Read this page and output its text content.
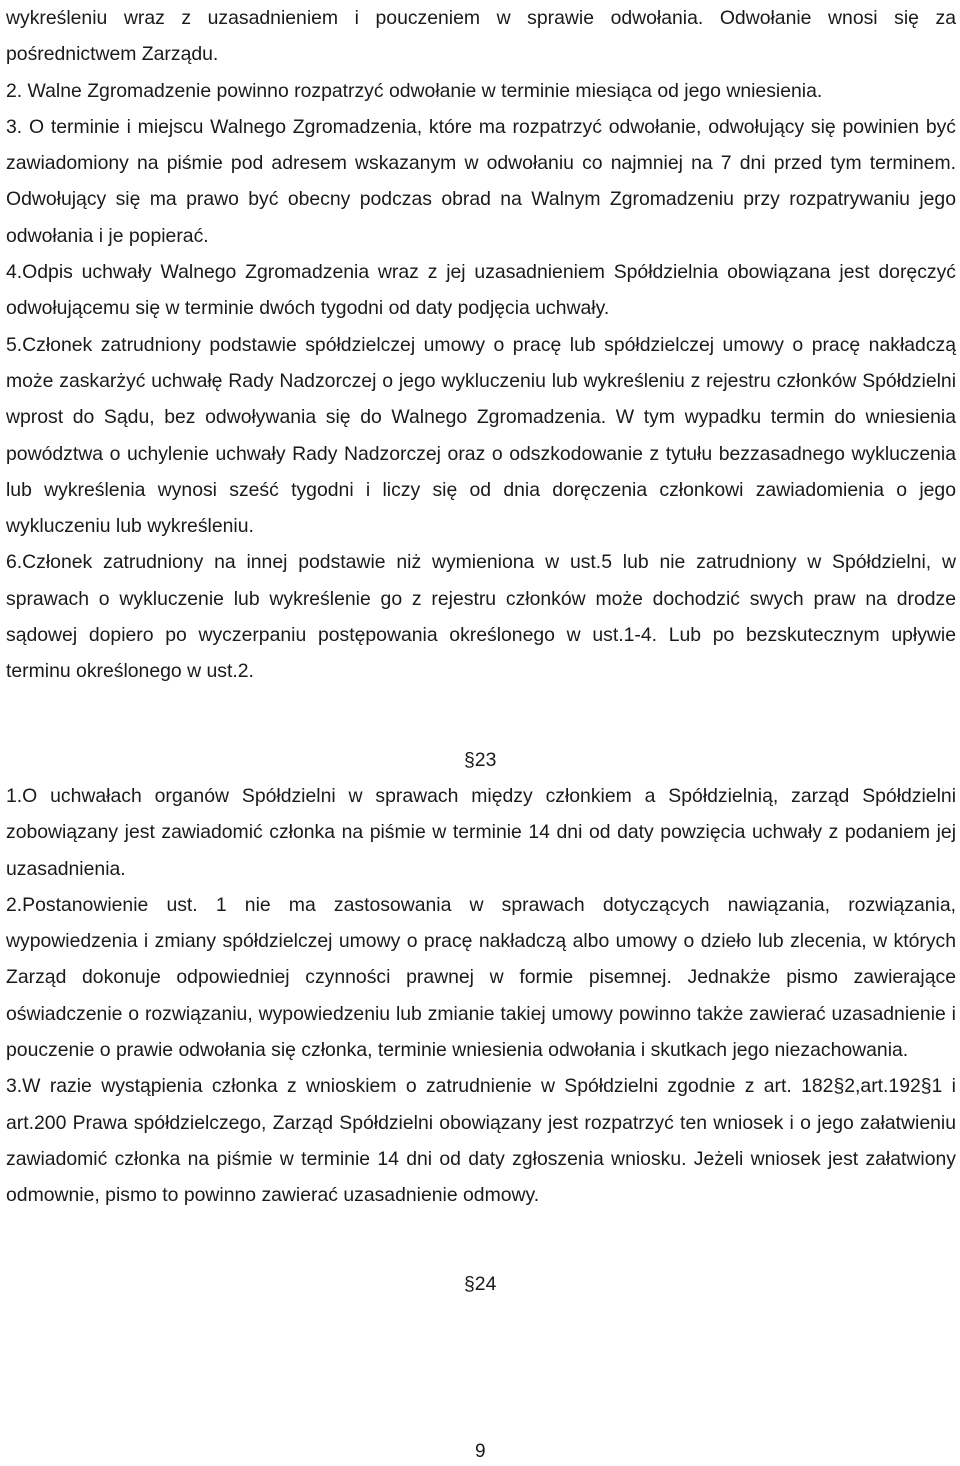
wykreśleniu wraz z uzasadnieniem i pouczeniem w sprawie odwołania. Odwołanie wnosi się za pośrednictwem Zarządu.

2. Walne Zgromadzenie powinno rozpatrzyć odwołanie w terminie miesiąca od jego wniesienia.

3. O terminie i miejscu Walnego Zgromadzenia, które ma rozpatrzyć odwołanie, odwołujący się powinien być zawiadomiony na piśmie pod adresem wskazanym w odwołaniu co najmniej na 7 dni przed tym terminem. Odwołujący się ma prawo być obecny podczas obrad na Walnym Zgromadzeniu przy rozpatrywaniu jego odwołania i je popierać.

4.Odpis uchwały Walnego Zgromadzenia wraz z jej uzasadnieniem Spółdzielnia obowiązana jest doręczyć odwołującemu się w terminie dwóch tygodni od daty podjęcia uchwały.

5.Członek zatrudniony podstawie spółdzielczej umowy o pracę lub spółdzielczej umowy o pracę nakładczą może zaskarżyć uchwałę Rady Nadzorczej o jego wykluczeniu lub wykreśleniu z rejestru członków Spółdzielni wprost do Sądu, bez odwoływania się do Walnego Zgromadzenia. W tym wypadku termin do wniesienia powództwa o uchylenie uchwały Rady Nadzorczej oraz o odszkodowanie z tytułu bezzasadnego wykluczenia lub wykreślenia wynosi sześć tygodni i liczy się od dnia doręczenia członkowi zawiadomienia o jego wykluczeniu lub wykreśleniu.

6.Członek zatrudniony na innej podstawie niż wymieniona w ust.5 lub nie zatrudniony w Spółdzielni, w sprawach o wykluczenie lub wykreślenie go z rejestru członków może dochodzić swych praw na drodze sądowej dopiero po wyczerpaniu postępowania określonego w ust.1-4. Lub po bezskutecznym upływie terminu określonego w ust.2.

§23

1.O uchwałach organów Spółdzielni w sprawach między członkiem a Spółdzielnią, zarząd Spółdzielni zobowiązany jest zawiadomić członka na piśmie w terminie 14 dni od daty powzięcia uchwały z podaniem jej uzasadnienia.

2.Postanowienie ust. 1 nie ma zastosowania w sprawach dotyczących nawiązania, rozwiązania, wypowiedzenia i zmiany spółdzielczej umowy o pracę nakładczą albo umowy o dzieło lub zlecenia, w których Zarząd dokonuje odpowiedniej czynności prawnej w formie pisemnej. Jednakże pismo zawierające oświadczenie o rozwiązaniu, wypowiedzeniu lub zmianie takiej umowy powinno także zawierać uzasadnienie i pouczenie o prawie odwołania się członka, terminie wniesienia odwołania i skutkach jego niezachowania.

3.W razie wystąpienia członka z wnioskiem o zatrudnienie w Spółdzielni zgodnie z art. 182§2,art.192§1 i art.200 Prawa spółdzielczego, Zarząd Spółdzielni obowiązany jest rozpatrzyć ten wniosek i o jego załatwieniu zawiadomić członka na piśmie w terminie 14 dni od daty zgłoszenia wniosku. Jeżeli wniosek jest załatwiony odmownie, pismo to powinno zawierać uzasadnienie odmowy.

§24

9
